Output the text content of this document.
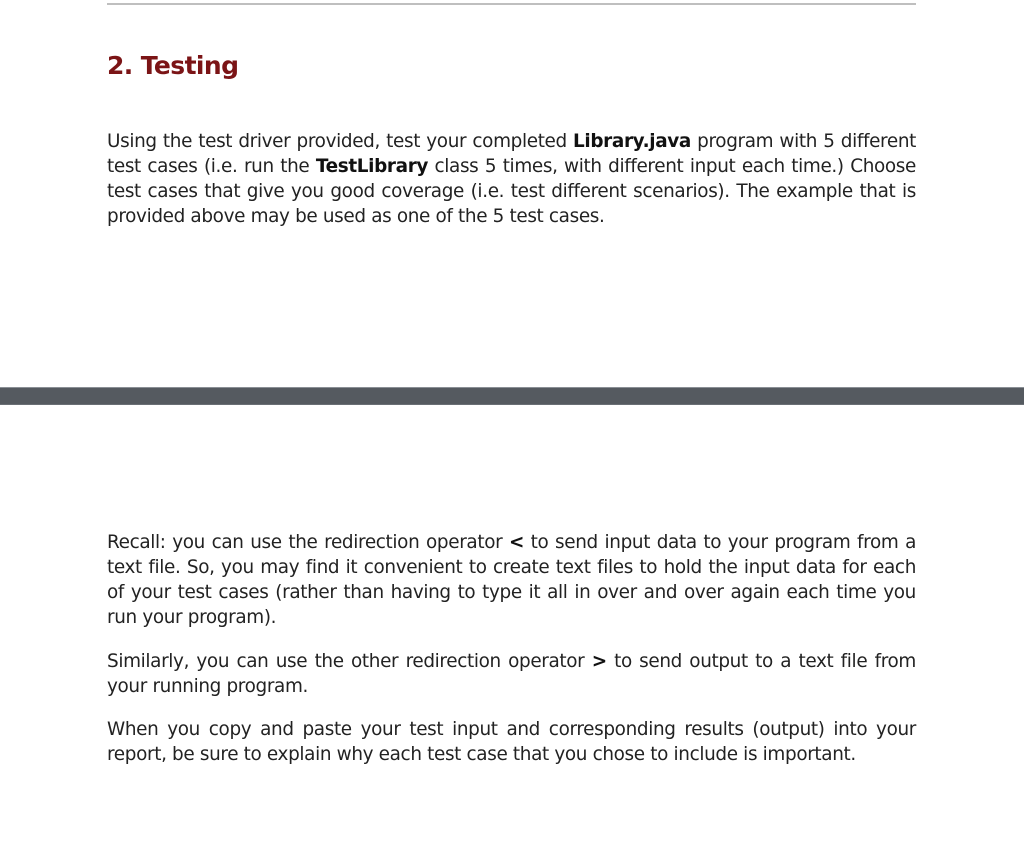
2. Testing

Using the test driver provided, test your completed Library.java program with 5 different test cases (i.e. run the TestLibrary class 5 times, with different input each time.) Choose test cases that give you good coverage (i.e. test different scenarios). The example that is provided above may be used as one of the 5 test cases.

Recall: you can use the redirection operator < to send input data to your program from a text file. So, you may find it convenient to create text files to hold the input data for each of your test cases (rather than having to type it all in over and over again each time you run your program).

Similarly, you can use the other redirection operator > to send output to a text file from your running program.

When you copy and paste your test input and corresponding results (output) into your report, be sure to explain why each test case that you chose to include is important.
